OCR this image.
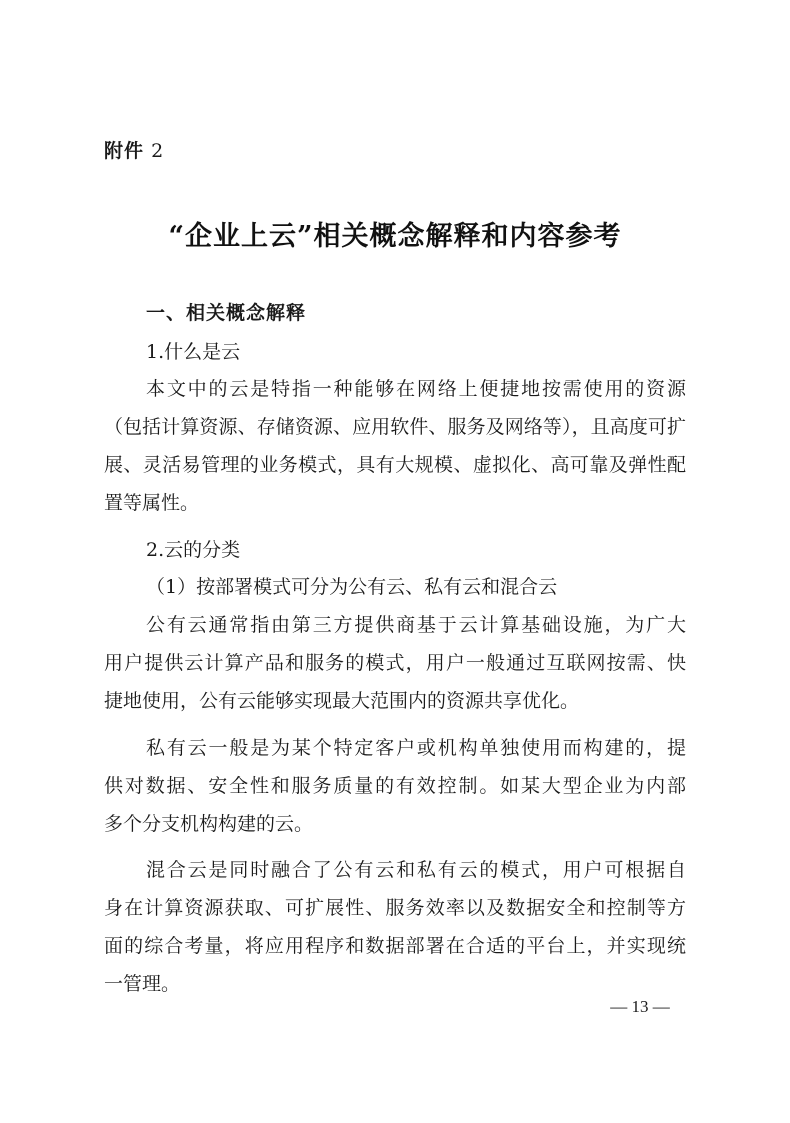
附件 2
“企业上云”相关概念解释和内容参考
一、相关概念解释
1.什么是云
本文中的云是特指一种能够在网络上便捷地按需使用的资源
（包括计算资源、存储资源、应用软件、服务及网络等），且高度可扩
展、灵活易管理的业务模式，具有大规模、虚拟化、高可靠及弹性配
置等属性。
2.云的分类
（1）按部署模式可分为公有云、私有云和混合云
公有云通常指由第三方提供商基于云计算基础设施，为广大
用户提供云计算产品和服务的模式，用户一般通过互联网按需、快
捷地使用，公有云能够实现最大范围内的资源共享优化。
私有云一般是为某个特定客户或机构单独使用而构建的，提
供对数据、安全性和服务质量的有效控制。如某大型企业为内部
多个分支机构构建的云。
混合云是同时融合了公有云和私有云的模式，用户可根据自
身在计算资源获取、可扩展性、服务效率以及数据安全和控制等方
面的综合考量，将应用程序和数据部署在合适的平台上，并实现统
一管理。
— 13 —
